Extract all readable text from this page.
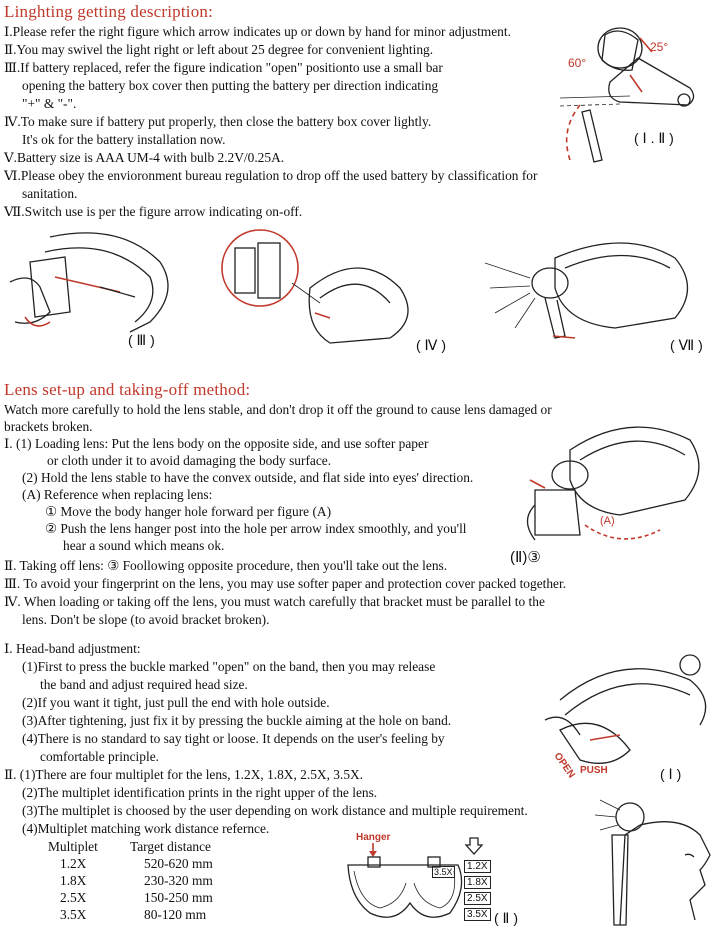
Linghting getting description:
Ⅰ.Please refer the right figure which arrow indicates up or down by hand for minor adjustment.
Ⅱ.You may swivel the light right or left about 25 degree for convenient lighting.
Ⅲ.If battery replaced, refer the figure indication "open" positionto use a small bar
opening the battery box cover then putting the battery per direction indicating
"+" & "-".
Ⅳ.To make sure if battery put properly, then close the battery box cover lightly.
It's ok for the battery installation now.
Ⅴ.Battery size is AAA UM-4 with bulb 2.2V/0.25A.
Ⅵ.Please obey the envioronment bureau regulation to drop off the used battery by classification for
sanitation.
Ⅶ.Switch use is per the figure arrow indicating on-off.
60°
25°
( Ⅰ . Ⅱ )
( Ⅲ )	( Ⅳ )	( Ⅶ )
Lens set-up and taking-off method:
Watch more carefully to hold the lens stable, and don't drop it off the ground to cause lens damaged or
brackets broken.
Ⅰ. (1) Loading lens: Put the lens body on the opposite side, and use softer paper
or cloth under it to avoid damaging the body surface.
(2) Hold the lens stable to have the convex outside, and flat side into eyes' direction.
(A) Reference when replacing lens:
① Move the body hanger hole forward per figure (A)
② Push the lens hanger post into the hole per arrow index smoothly, and you'll
hear a sound which means ok.
Ⅱ. Taking off lens: ③ Foollowing opposite procedure, then you'll take out the lens.
Ⅲ. To avoid your fingerprint on the lens, you may use softer paper and protection cover packed together.
Ⅳ. When loading or taking off the lens, you must watch carefully that bracket must be parallel to the
lens. Don't be slope (to avoid bracket broken).
(A)
(Ⅱ)③
Ⅰ. Head-band adjustment:
(1)First to press the buckle marked "open" on the band, then you may release
the band and adjust required head size.
(2)If you want it tight, just pull the end with hole outside.
(3)After tightening, just fix it by pressing the buckle aiming at the hole on band.
(4)There is no standard to say tight or loose. It depends on the user's feeling by
comfortable principle.
Ⅱ. (1)There are four multiplet for the lens, 1.2X, 1.8X, 2.5X, 3.5X.
(2)The multiplet identification prints in the right upper of the lens.
(3)The multiplet is choosed by the user depending on work distance and multiple requirement.
(4)Multiplet matching work distance refernce.
Multiplet	Target distance
1.2X	520-620 mm
1.8X	230-320 mm
2.5X	150-250 mm
3.5X	80-120 mm
PUSH
OPEN	( Ⅰ )
Hanger
3.5X	1.2X
1.8X
2.5X
3.5X ( Ⅱ )
